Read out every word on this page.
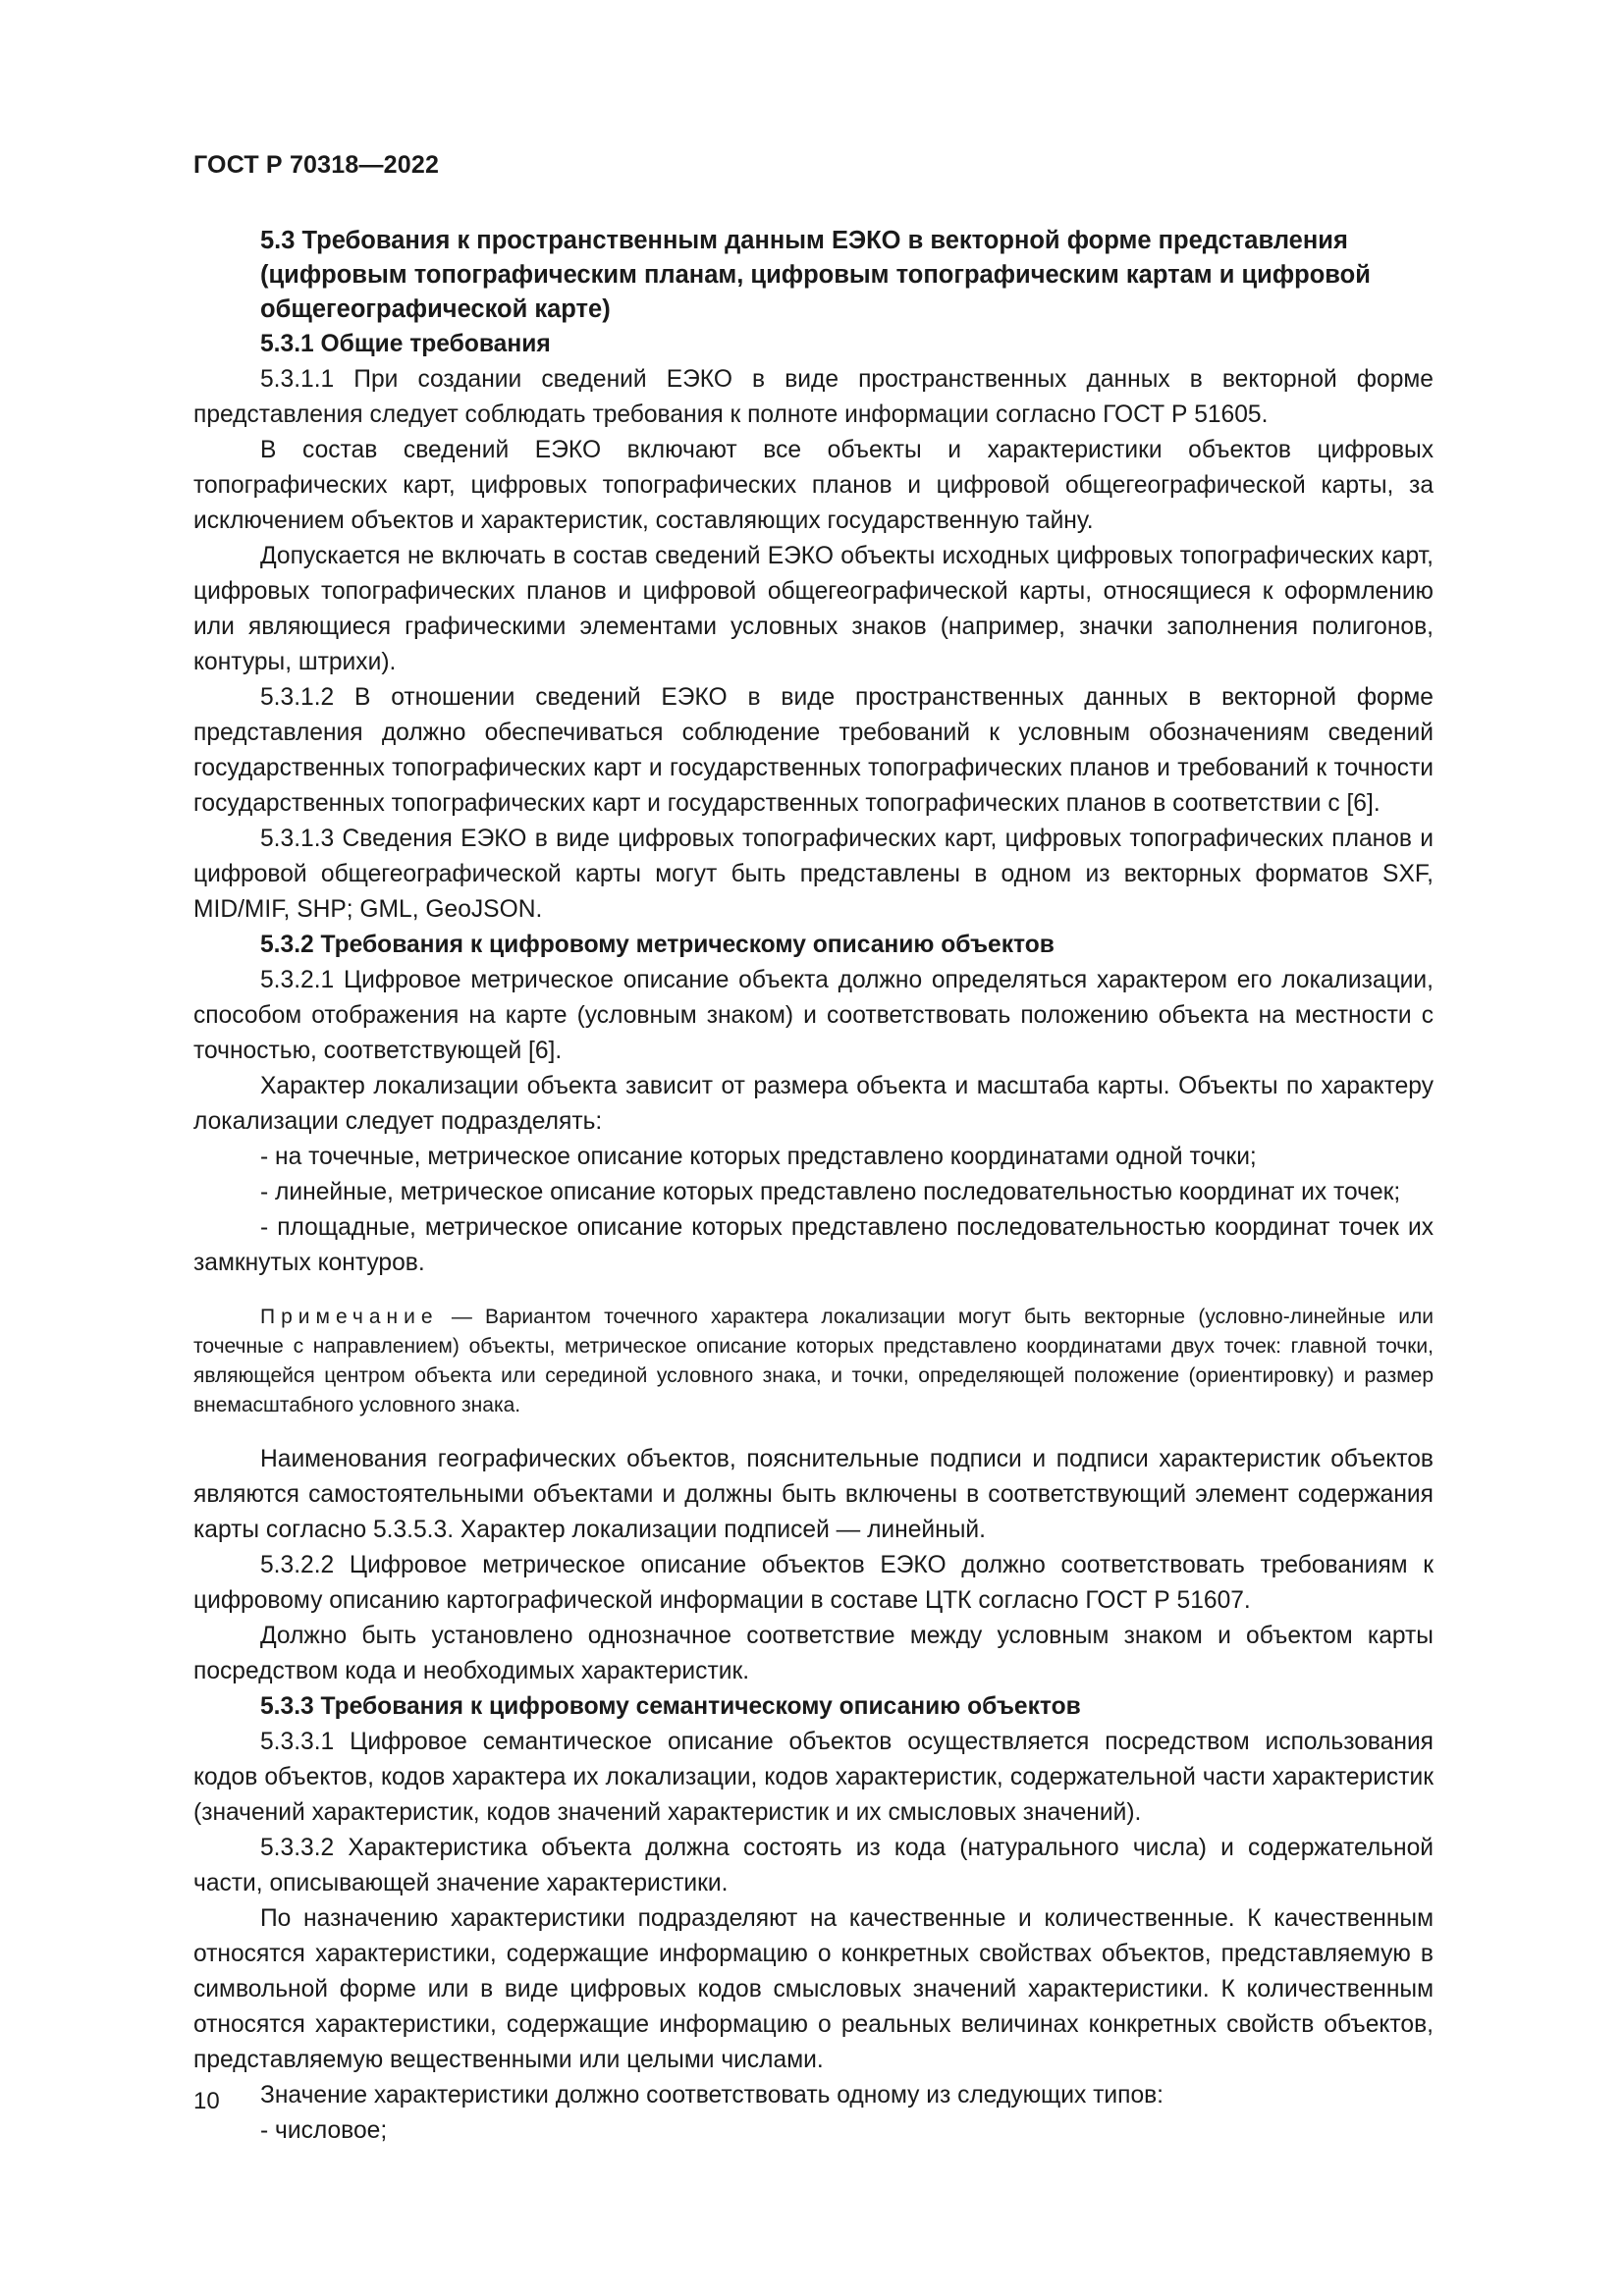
ГОСТ Р 70318—2022

5.3 Требования к пространственным данным ЕЭКО в векторной форме представления (цифровым топографическим планам, цифровым топографическим картам и цифровой общегеографической карте)

5.3.1 Общие требования

5.3.1.1 При создании сведений ЕЭКО в виде пространственных данных в векторной форме представления следует соблюдать требования к полноте информации согласно ГОСТ Р 51605.

В состав сведений ЕЭКО включают все объекты и характеристики объектов цифровых топографических карт, цифровых топографических планов и цифровой общегеографической карты, за исключением объектов и характеристик, составляющих государственную тайну.

Допускается не включать в состав сведений ЕЭКО объекты исходных цифровых топографических карт, цифровых топографических планов и цифровой общегеографической карты, относящиеся к оформлению или являющиеся графическими элементами условных знаков (например, значки заполнения полигонов, контуры, штрихи).

5.3.1.2 В отношении сведений ЕЭКО в виде пространственных данных в векторной форме представления должно обеспечиваться соблюдение требований к условным обозначениям сведений государственных топографических карт и государственных топографических планов и требований к точности государственных топографических карт и государственных топографических планов в соответствии с [6].

5.3.1.3 Сведения ЕЭКО в виде цифровых топографических карт, цифровых топографических планов и цифровой общегеографической карты могут быть представлены в одном из векторных форматов SXF, MID/MIF, SHP; GML, GeoJSON.

5.3.2 Требования к цифровому метрическому описанию объектов

5.3.2.1 Цифровое метрическое описание объекта должно определяться характером его локализации, способом отображения на карте (условным знаком) и соответствовать положению объекта на местности с точностью, соответствующей [6].

Характер локализации объекта зависит от размера объекта и масштаба карты. Объекты по характеру локализации следует подразделять:

- на точечные, метрическое описание которых представлено координатами одной точки;

- линейные, метрическое описание которых представлено последовательностью координат их точек;

- площадные, метрическое описание которых представлено последовательностью координат точек их замкнутых контуров.

Примечание — Вариантом точечного характера локализации могут быть векторные (условно-линейные или точечные с направлением) объекты, метрическое описание которых представлено координатами двух точек: главной точки, являющейся центром объекта или серединой условного знака, и точки, определяющей положение (ориентировку) и размер внемасштабного условного знака.

Наименования географических объектов, пояснительные подписи и подписи характеристик объектов являются самостоятельными объектами и должны быть включены в соответствующий элемент содержания карты согласно 5.3.5.3. Характер локализации подписей — линейный.

5.3.2.2 Цифровое метрическое описание объектов ЕЭКО должно соответствовать требованиям к цифровому описанию картографической информации в составе ЦТК согласно ГОСТ Р 51607.

Должно быть установлено однозначное соответствие между условным знаком и объектом карты посредством кода и необходимых характеристик.

5.3.3 Требования к цифровому семантическому описанию объектов

5.3.3.1 Цифровое семантическое описание объектов осуществляется посредством использования кодов объектов, кодов характера их локализации, кодов характеристик, содержательной части характеристик (значений характеристик, кодов значений характеристик и их смысловых значений).

5.3.3.2 Характеристика объекта должна состоять из кода (натурального числа) и содержательной части, описывающей значение характеристики.

По назначению характеристики подразделяют на качественные и количественные. К качественным относятся характеристики, содержащие информацию о конкретных свойствах объектов, представляемую в символьной форме или в виде цифровых кодов смысловых значений характеристики. К количественным относятся характеристики, содержащие информацию о реальных величинах конкретных свойств объектов, представляемую вещественными или целыми числами.

Значение характеристики должно соответствовать одному из следующих типов:

- числовое;

10
